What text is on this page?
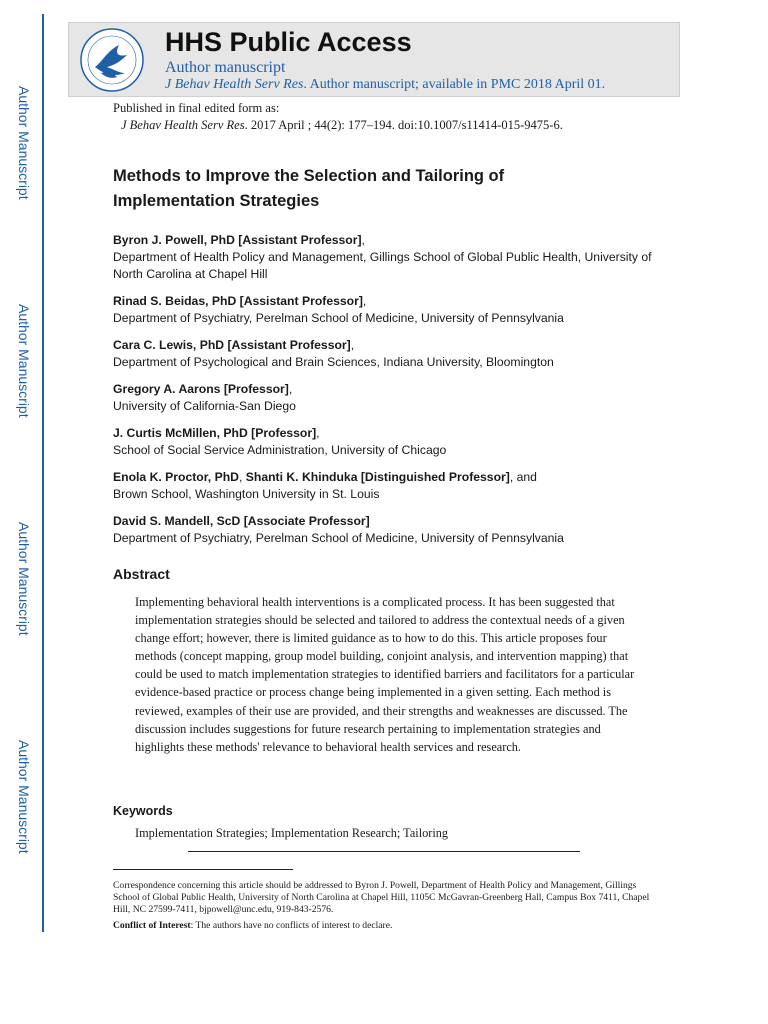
Author Manuscript
Author Manuscript
Author Manuscript
Author Manuscript
HHS Public Access
Author manuscript
J Behav Health Serv Res. Author manuscript; available in PMC 2018 April 01.
Published in final edited form as:
J Behav Health Serv Res. 2017 April ; 44(2): 177–194. doi:10.1007/s11414-015-9475-6.
Methods to Improve the Selection and Tailoring of
Implementation Strategies
Byron J. Powell, PhD [Assistant Professor],
Department of Health Policy and Management, Gillings School of Global Public Health, University of North Carolina at Chapel Hill
Rinad S. Beidas, PhD [Assistant Professor],
Department of Psychiatry, Perelman School of Medicine, University of Pennsylvania
Cara C. Lewis, PhD [Assistant Professor],
Department of Psychological and Brain Sciences, Indiana University, Bloomington
Gregory A. Aarons [Professor],
University of California-San Diego
J. Curtis McMillen, PhD [Professor],
School of Social Service Administration, University of Chicago
Enola K. Proctor, PhD, Shanti K. Khinduka [Distinguished Professor], and
Brown School, Washington University in St. Louis
David S. Mandell, ScD [Associate Professor]
Department of Psychiatry, Perelman School of Medicine, University of Pennsylvania
Abstract

Implementing behavioral health interventions is a complicated process. It has been suggested that implementation strategies should be selected and tailored to address the contextual needs of a given change effort; however, there is limited guidance as to how to do this. This article proposes four methods (concept mapping, group model building, conjoint analysis, and intervention mapping) that could be used to match implementation strategies to identified barriers and facilitators for a particular evidence-based practice or process change being implemented in a given setting. Each method is reviewed, examples of their use are provided, and their strengths and weaknesses are discussed. The discussion includes suggestions for future research pertaining to implementation strategies and highlights these methods' relevance to behavioral health services and research.

Keywords
Implementation Strategies; Implementation Research; Tailoring
Correspondence concerning this article should be addressed to Byron J. Powell, Department of Health Policy and Management, Gillings School of Global Public Health, University of North Carolina at Chapel Hill, 1105C McGavran-Greenberg Hall, Campus Box 7411, Chapel Hill, NC 27599-7411, bjpowell@unc.edu, 919-843-2576.
Conflict of Interest: The authors have no conflicts of interest to declare.
